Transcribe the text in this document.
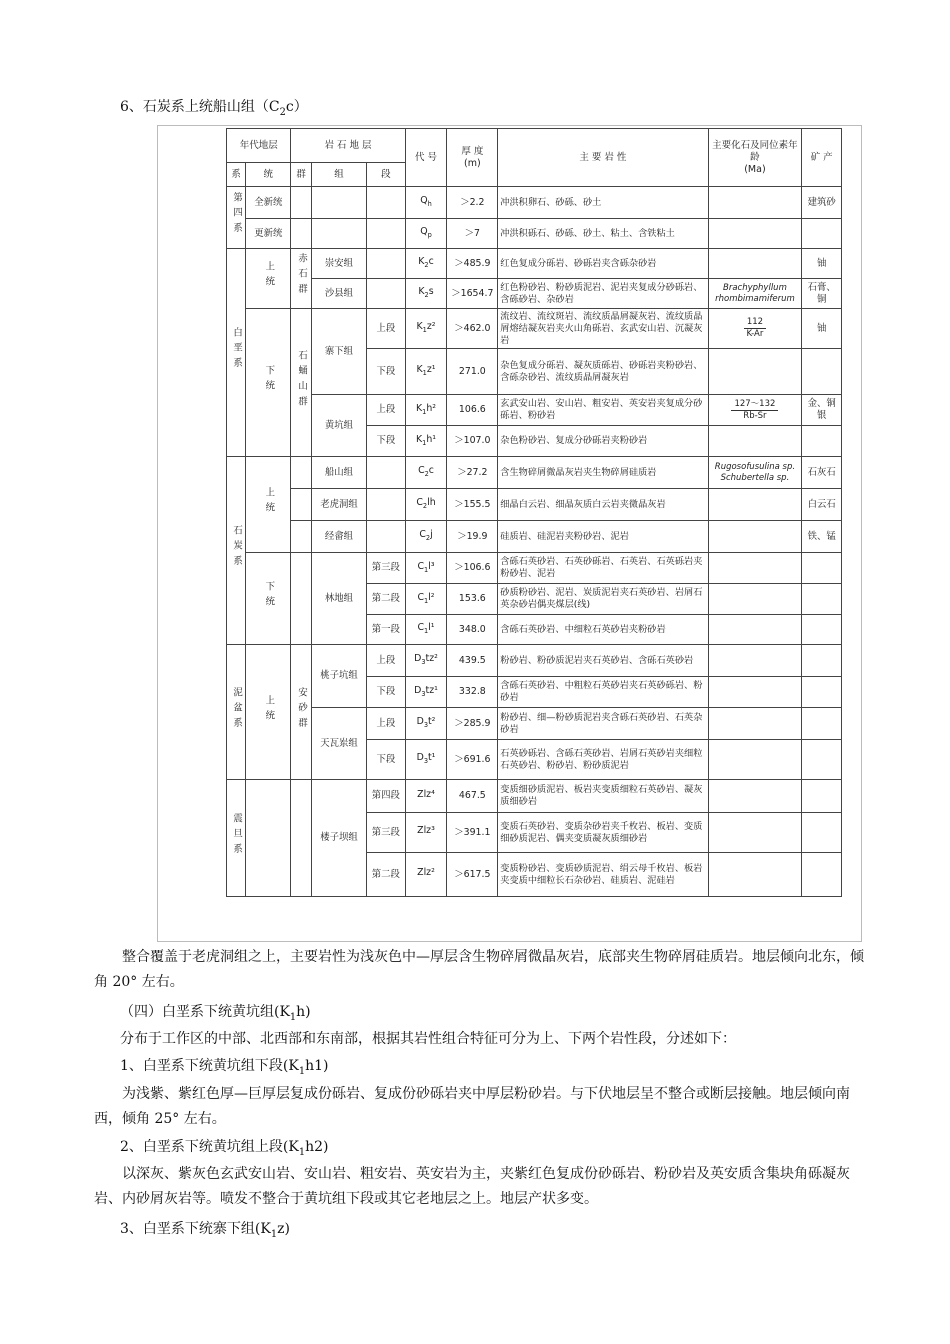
6、石炭系上统船山组$(C_2c)$
年代地层		岩 石 地 层			代 号	厚 度
(m)	主 要 岩 性	主要化石及同位素年龄
(Ma)	矿 产
系	统	群	组	段					
第四系	全新统				$Q_h$	＞2.2	冲洪积卵石、砂砾、砂土		建筑砂
	更新统				$Q_p$	＞7	冲洪积砾石、砂砾、砂土、粘土、含铁粘土		
白垩系	上统	赤石群	崇安组		$K_2c$	＞485.9	红色复成分砾岩、砂砾岩夹含砾杂砂岩		铀
			沙县组		$K_2s$	＞1654.7	红色粉砂岩、粉砂质泥岩、泥岩夹复成分砂砾岩、含砾砂岩、杂砂岩	Brachyphyllum rhombimamiferum	石膏、铜
	下统	石蛹山群	寨下组	上段	$K_1z^2$	＞462.0	流纹岩、流纹斑岩、流纹质晶屑凝灰岩、流纹质晶屑熔结凝灰岩夹火山角砾岩、玄武安山岩、沉凝灰岩	$\frac{112}{K-Ar}$	铀
				下段	$K_1z^1$	271.0	杂色复成分砾岩、凝灰质砾岩、砂砾岩夹粉砂岩、含砾杂砂岩、流纹质晶屑凝灰岩		
			黄坑组	上段	$K_1h^2$	106.6	玄武安山岩、安山岩、粗安岩、英安岩夹复成分砂砾岩、粉砂岩	$\frac{127\sim 132}{Rb-Sr}$	金、铜银
				下段	$K_1h^1$	＞107.0	杂色粉砂岩、复成分砂砾岩夹粉砂岩		
石炭系	上统		船山组		$C_2c$	＞27.2	含生物碎屑微晶灰岩夹生物碎屑硅质岩	Rugosofusulina sp. Schubertella sp.	石灰石
			老虎洞组		$C_2lh$	＞155.5	细晶白云岩、细晶灰质白云岩夹微晶灰岩		白云石
			经畲组		$C_2j$	＞19.9	硅质岩、硅泥岩夹粉砂岩、泥岩		铁、锰
	下统		林地组	第三段	$C_1l^3$	＞106.6	含砾石英砂岩、石英砂砾岩、石英岩、石英砾岩夹粉砂岩、泥岩		
				第二段	$C_1l^2$	153.6	砂质粉砂岩、泥岩、炭质泥岩夹石英砂岩、岩屑石英杂砂岩偶夹煤层(线)		
				第一段	$C_1l^1$	348.0	含砾石英砂岩、中细粒石英砂岩夹粉砂岩		
泥盆系	上统	安砂群	桃子坑组	上段	$D_3tz^2$	439.5	粉砂岩、粉砂质泥岩夹石英砂岩、含砾石英砂岩		
				下段	$D_3tz^1$	332.8	含砾石英砂岩、中粗粒石英砂岩夹石英砂砾岩、粉砂岩		
			天瓦岽组	上段	$D_3t^2$	＞285.9	粉砂岩、细—粉砂质泥岩夹含砾石英砂岩、石英杂砂岩		
				下段	$D_3t^1$	＞691.6	石英砂砾岩、含砾石英砂岩、岩屑石英砂岩夹细粒石英砂岩、粉砂岩、粉砂质泥岩		
震旦系			楼子坝组	第四段	Zlz⁴	467.5	变质细砂质泥岩、板岩夹变质细粒石英砂岩、凝灰质细砂岩		
				第三段	Zlz³	＞391.1	变质石英砂岩、变质杂砂岩夹千枚岩、板岩、变质细砂质泥岩、偶夹变质凝灰质细砂岩		
				第二段	Zlz²	＞617.5	变质粉砂岩、变质砂质泥岩、绢云母千枚岩、板岩夹变质中细粒长石杂砂岩、硅质岩、泥硅岩		
整合覆盖于老虎洞组之上，主要岩性为浅灰色中—厚层含生物碎屑微晶灰岩，底部夹生物碎屑硅质岩。地层倾向北东，倾角 20° 左右。
（四）白垩系下统黄坑组$(K_1h)$
分布于工作区的中部、北西部和东南部，根据其岩性组合特征可分为上、下两个岩性段，分述如下：
1、白垩系下统黄坑组下段$(K_1h1)$
为浅紫、紫红色厚—巨厚层复成份砾岩、复成份砂砾岩夹中厚层粉砂岩。与下伏地层呈不整合或断层接触。地层倾向南西，倾角 25° 左右。
2、白垩系下统黄坑组上段$(K_1h2)$
以深灰、紫灰色玄武安山岩、安山岩、粗安岩、英安岩为主，夹紫红色复成份砂砾岩、粉砂岩及英安质含集块角砾凝灰岩、内砂屑灰岩等。喷发不整合于黄坑组下段或其它老地层之上。地层产状多变。
3、白垩系下统寨下组$(K_1z)$
